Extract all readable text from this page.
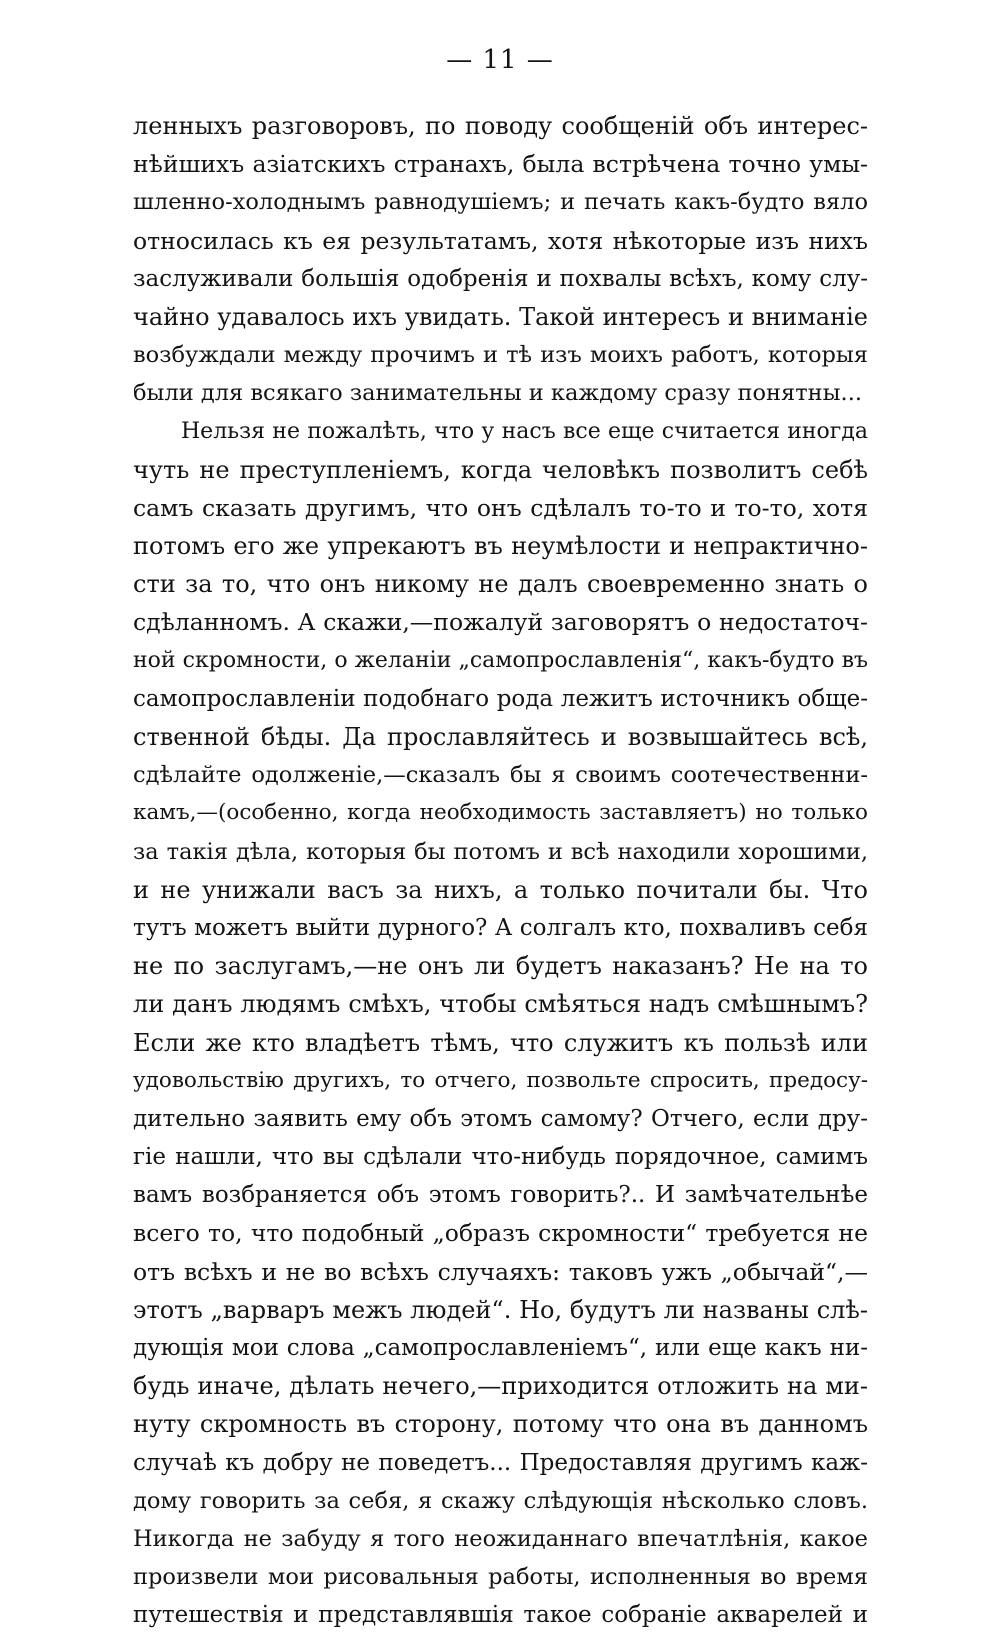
— 11 —
ленныхъ разговоровъ, по поводу сообщеній объ интерес-
нѣйшихъ азіатскихъ странахъ, была встрѣчена точно умы-
шленно-холоднымъ равнодушіемъ; и печать какъ-будто вяло
относилась къ ея результатамъ, хотя нѣкоторые изъ нихъ
заслуживали большія одобренія и похвалы всѣхъ, кому слу-
чайно удавалось ихъ увидать. Такой интересъ и вниманіе
возбуждали между прочимъ и тѣ изъ моихъ работъ, которыя
были для всякаго занимательны и каждому сразу понятны...
Нельзя не пожалѣть, что у насъ все еще считается иногда
чуть не преступленіемъ, когда человѣкъ позволитъ себѣ
самъ сказать другимъ, что онъ сдѣлалъ то-то и то-то, хотя
потомъ его же упрекаютъ въ неумѣлости и непрактично-
сти за то, что онъ никому не далъ своевременно знать о
сдѣланномъ. А скажи,—пожалуй заговорятъ о недостаточ-
ной скромности, о желаніи „самопрославленія“, какъ-будто въ
самопрославленіи подобнаго рода лежитъ источникъ обще-
ственной бѣды. Да прославляйтесь и возвышайтесь всѣ,
сдѣлайте одолженіе,—сказалъ бы я своимъ соотечественни-
камъ,—(особенно, когда необходимость заставляетъ) но только
за такія дѣла, которыя бы потомъ и всѣ находили хорошими,
и не унижали васъ за нихъ, а только почитали бы. Что
тутъ можетъ выйти дурного? А солгалъ кто, похваливъ себя
не по заслугамъ,—не онъ ли будетъ наказанъ? Не на то
ли данъ людямъ смѣхъ, чтобы смѣяться надъ смѣшнымъ?
Если же кто владѣетъ тѣмъ, что служитъ къ пользѣ или
удовольствію другихъ, то отчего, позвольте спросить, предосу-
дительно заявить ему объ этомъ самому? Отчего, если дру-
гіе нашли, что вы сдѣлали что-нибудь порядочное, самимъ
вамъ возбраняется объ этомъ говорить?.. И замѣчательнѣе
всего то, что подобный „образъ скромности“ требуется не
отъ всѣхъ и не во всѣхъ случаяхъ: таковъ ужъ „обычай“,—
этотъ „варваръ межъ людей“. Но, будутъ ли названы слѣ-
дующія мои слова „самопрославленіемъ“, или еще какъ ни-
будь иначе, дѣлать нечего,—приходится отложить на ми-
нуту скромность въ сторону, потому что она въ данномъ
случаѣ къ добру не поведетъ... Предоставляя другимъ каж-
дому говорить за себя, я скажу слѣдующія нѣсколько словъ.
Никогда не забуду я того неожиданнаго впечатлѣнія, какое
произвели мои рисовальныя работы, исполненныя во время
путешествія и представлявшія такое собраніе акварелей и
